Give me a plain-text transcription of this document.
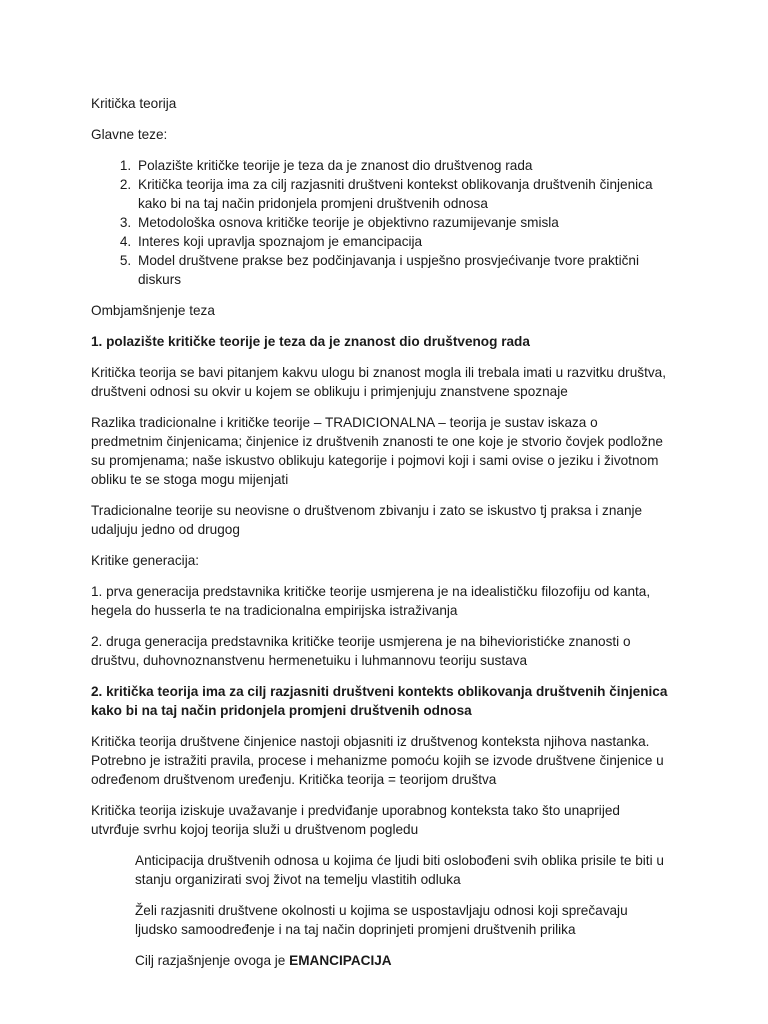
Kritička teorija

Glavne teze:

1. Polazište kritičke teorije je teza da je znanost dio društvenog rada
2. Kritička teorija ima za cilj razjasniti društveni kontekst oblikovanja društvenih činjenica kako bi na taj način pridonjela promjeni društvenih odnosa
3. Metodološka osnova kritičke teorije je objektivno razumijevanje smisla
4. Interes koji upravlja spoznajom je emancipacija
5. Model društvene prakse bez podčinjavanja i uspješno prosvjećivanje tvore praktični diskurs

Ombjamšnjenje teza

1. polazište kritičke teorije je teza da je znanost dio društvenog rada

Kritička teorija se bavi pitanjem kakvu ulogu bi znanost mogla ili trebala imati u razvitku društva, društveni odnosi su okvir u kojem se oblikuju i primjenjuju znanstvene spoznaje

Razlika tradicionalne i kritičke teorije – TRADICIONALNA – teorija je sustav iskaza o predmetnim činjenicama; činjenice iz društvenih znanosti te one koje je stvorio čovjek podložne su promjenama; naše iskustvo oblikuju kategorije i pojmovi koji i sami ovise o jeziku i životnom obliku te se stoga mogu mijenjati

Tradicionalne teorije su neovisne o društvenom zbivanju i zato se iskustvo tj praksa i znanje udaljuju jedno od drugog

Kritike generacija:

1. prva generacija predstavnika kritičke teorije usmjerena je na idealističku filozofiju od kanta, hegela do husserla te na tradicionalna empirijska istraživanja

2. druga generacija predstavnika kritičke teorije usmjerena je na bihevioristićke znanosti o društvu, duhovnoznanstvenu hermenetuiku i luhmannovu teoriju sustava

2. kritička teorija ima za cilj razjasniti društveni kontekts oblikovanja društvenih činjenica kako bi na taj način pridonjela promjeni društvenih odnosa

Kritička teorija društvene činjenice nastoji objasniti iz društvenog konteksta njihova nastanka. Potrebno je istražiti pravila, procese i mehanizme pomoću kojih se izvode društvene činjenice u određenom društvenom uređenju. Kritička teorija = teorijom društva

Kritička teorija iziskuje uvažavanje i predviđanje uporabnog konteksta tako što unaprijed utvrđuje svrhu kojoj teorija služi u društvenom pogledu

Anticipacija društvenih odnosa u kojima će ljudi biti oslobođeni svih oblika prisile te biti u stanju organizirati svoj život na temelju vlastitih odluka

Želi razjasniti društvene okolnosti u kojima se uspostavljaju odnosi koji sprečavaju ljudsko samoodređenje i na taj način doprinjeti promjeni društvenih prilika

Cilj razjašnjenje ovoga je EMANCIPACIJA
